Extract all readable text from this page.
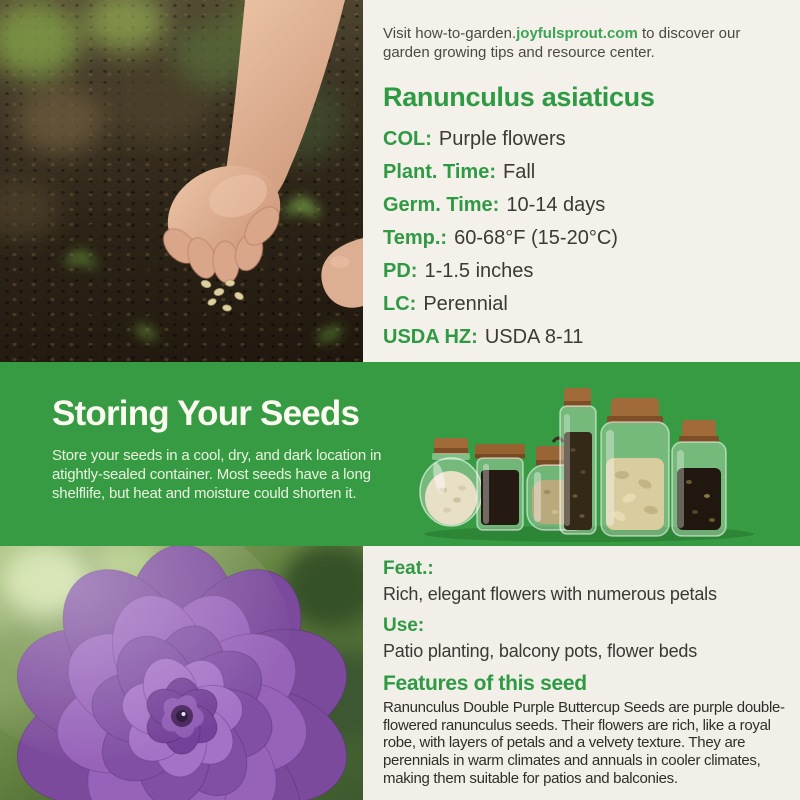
Visit how-to-garden.joyfulsprout.com to discover our garden growing tips and resource center.

Ranunculus asiaticus
COL: Purple flowers
Plant. Time: Fall
Germ. Time: 10-14 days
Temp.: 60-68°F (15-20°C)
PD: 1-1.5 inches
LC: Perennial
USDA HZ: USDA 8-11
Storing Your Seeds

Store your seeds in a cool, dry, and dark location in atightly-sealed container. Most seeds have a long shelflife, but heat and moisture could shorten it.

Feat.:

Rich, elegant flowers with numerous petals

Use:

Patio planting, balcony pots, flower beds

Features of this seed

Ranunculus Double Purple Buttercup Seeds are purple double-flowered ranunculus seeds. Their flowers are rich, like a royal robe, with layers of petals and a velvety texture. They are perennials in warm climates and annuals in cooler climates, making them suitable for patios and balconies.
